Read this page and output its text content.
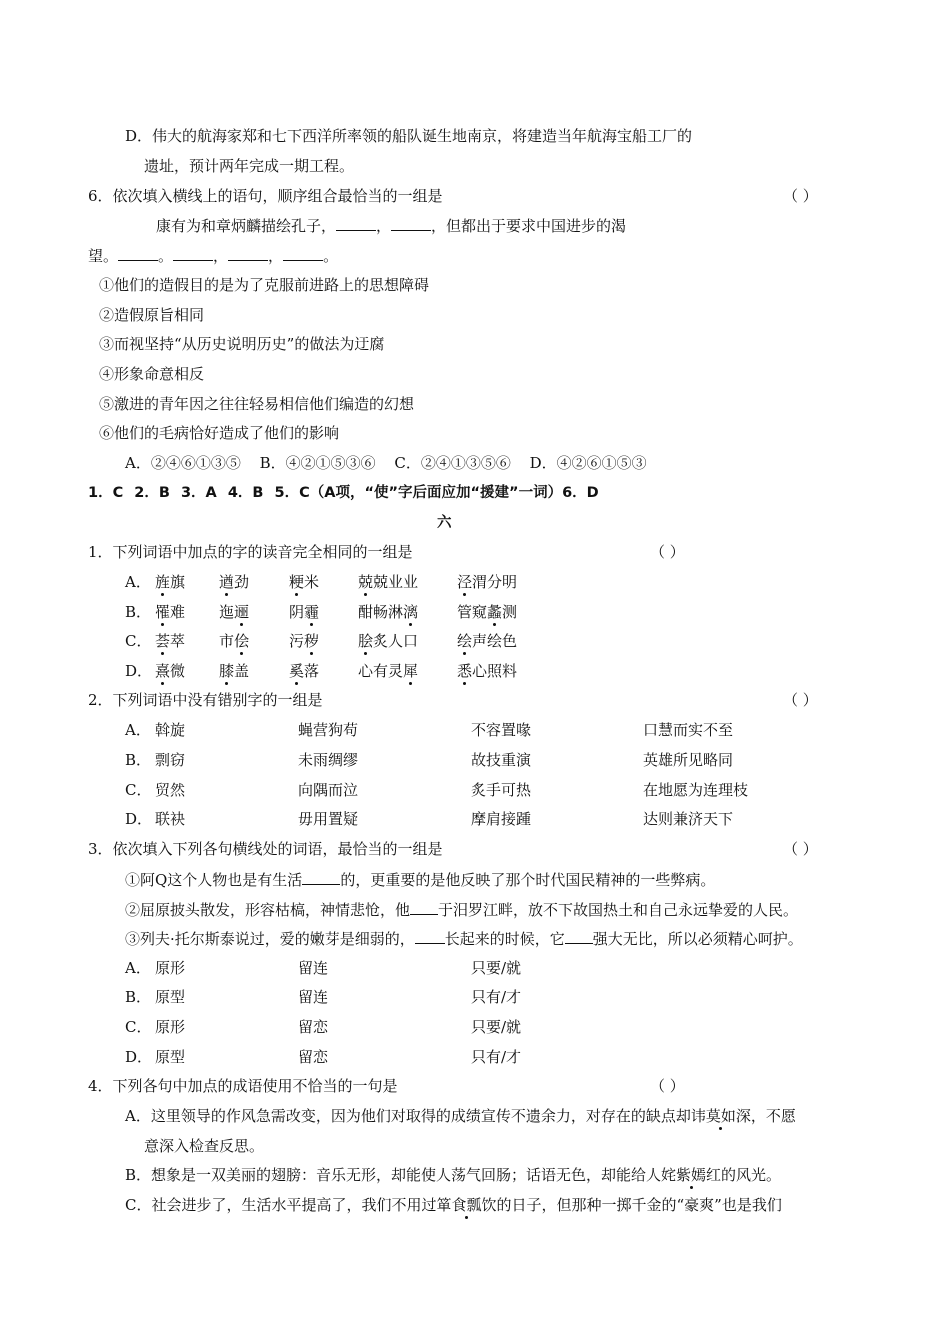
D．伟大的航海家郑和七下西洋所率领的船队诞生地南京，将建造当年航海宝船工厂的
遗址，预计两年完成一期工程。
6．依次填入横线上的语句，顺序组合最恰当的一组是	（ ）
康有为和章炳麟描绘孔子，	，	，但都出于要求中国进步的渴
望。	。	，	，	。
①他们的造假目的是为了克服前进路上的思想障碍
②造假原旨相同
③而视坚持“从历史说明历史”的做法为迂腐
④形象命意相反
⑤激进的青年因之往往轻易相信他们编造的幻想
⑥他们的毛病恰好造成了他们的影响
A．②④⑥①③⑤ B．④②①⑤③⑥ C．②④①③⑤⑥ D．④②⑥①⑤③
1．C 2．B 3．A 4．B 5．C（A项，“使”字后面应加“援建”一词）6．D
六
1．下列词语中加点的字的读音完全相同的一组是	（ ）
A． 旌旗 遒劲	粳米	兢兢业业	泾渭分明
B． 罹难 迤逦	阴霾	酣畅淋漓	管窥蠡测
C． 荟萃 市侩	污秽	脍炙人口	绘声绘色
D． 熹微 膝盖	奚落	心有灵犀	悉心照料
2．下列词语中没有错别字的一组是	（ ）
A． 斡旋	蝇营狗苟	不容置喙	口慧而实不至
B． 剽窃	未雨绸缪	故技重演	英雄所见略同
C． 贸然	向隅而泣	炙手可热	在地愿为连理枝
D． 联袂	毋用置疑	摩肩接踵	达则兼济天下
3．依次填入下列各句横线处的词语，最恰当的一组是	（ ）
①阿Q这个人物也是有生活	的，更重要的是他反映了那个时代国民精神的一些弊病。
②屈原披头散发，形容枯槁，神情悲怆，他 于汨罗江畔，放不下故国热土和自己永远挚爱的人民。
③列夫·托尔斯泰说过，爱的嫩芽是细弱的， 长起来的时候，它 强大无比，所以必须精心呵护。
A． 原形	留连	只要/就
B． 原型	留连	只有/才
C． 原形	留恋	只要/就
D． 原型	留恋	只有/才
4．下列各句中加点的成语使用不恰当的一句是	（ ）
A．这里领导的作风急需改变，因为他们对取得的成绩宣传不遗余力，对存在的缺点却讳莫如深，不愿
意深入检查反思。
B．想象是一双美丽的翅膀：音乐无形，却能使人荡气回肠；话语无色，却能给人姹紫嫣红的风光。
C．社会进步了，生活水平提高了，我们不用过箪食瓢饮的日子，但那种一掷千金的“豪爽”也是我们
